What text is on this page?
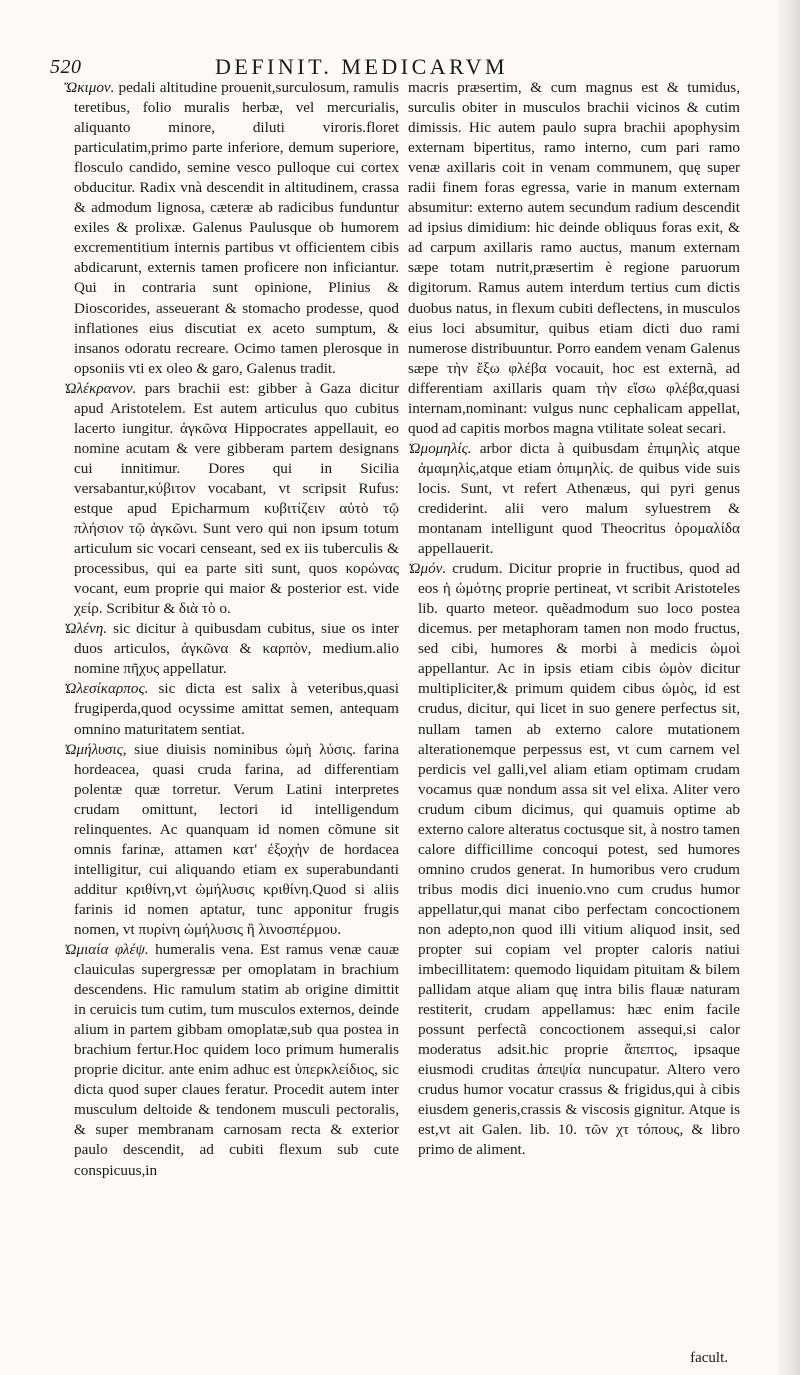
520	DEFINIT. MEDICARVM
Ὤκιμον. pedali altitudine prouenit,surculosum, ramulis teretibus, folio muralis herbæ, vel mercurialis, aliquanto minore, diluti viroris.floret particulatim,primo parte inferiore, demum superiore, flosculo candido, semine vesco pulloque cui cortex obducitur. Radix vnà descendit in altitudinem, crassa & admodum lignosa, cæteræ ab radicibus funduntur exiles & prolixæ. Galenus Paulusque ob humorem excrementitium internis partibus vt officientem cibis abdicarunt, externis tamen proficere non inficiantur. Qui in contraria sunt opinione, Plinius & Dioscorides, asseuerant & stomacho prodesse, quod inflationes eius discutiat ex aceto sumptum, & insanos odoratu recreare. Ocimo tamen plerosque in opsoniis vti ex oleo & garo, Galenus tradit.
Ὠλέκρανον. pars brachii est: gibber à Gaza dicitur apud Aristotelem. Est autem articulus quo cubitus lacerto iungitur. ἀγκῶνα Hippocrates appellauit, eo nomine acutam & vere gibberam partem designans cui innitimur. Dores qui in Sicilia versabantur,κύβιτον vocabant, vt scripsit Rufus: estque apud Epicharmum κυβιτίζειν αὐτὸ τῷ πλήσιον τῷ ἀγκῶνι. Sunt vero qui non ipsum totum articulum sic vocari censeant, sed ex iis tuberculis & processibus, qui ea parte siti sunt, quos κορώνας vocant, eum proprie qui maior & posterior est. vide χείρ. Scribitur & διὰ τὸ ο.
Ὠλένη. sic dicitur à quibusdam cubitus, siue os inter duos articulos, ἀγκῶνα & καρπὸν, medium.alio nomine πῆχυς appellatur.
Ὠλεσίκαρπος. sic dicta est salix à veteribus,quasi frugiperda,quod ocyssime amittat semen, antequam omnino maturitatem sentiat.
Ὠμήλυσις, siue diuisis nominibus ὠμὴ λύσις. farina hordeacea, quasi cruda farina, ad differentiam polentæ quæ torretur. Verum Latini interpretes crudam omittunt, lectori id intelligendum relinquentes. Ac quanquam id nomen cõmune sit omnis farinæ, attamen κατ' ἐξοχὴν de hordacea intelligitur, cui aliquando etiam ex superabundanti additur κριθίνη,vt ὠμήλυσις κριθίνη.Quod si aliis farinis id nomen aptatur, tunc apponitur frugis nomen, vt πυρίνη ὠμήλυσις ἢ λινοσπέρμου.
Ὠμιαία φλέψ. humeralis vena. Est ramus venæ cauæ clauiculas supergressæ per omoplatam in brachium descendens. Hic ramulum statim ab origine dimittit in ceruicis tum cutim, tum musculos externos, deinde alium in partem gibbam omoplatæ,sub qua postea in brachium fertur.Hoc quidem loco primum humeralis proprie dicitur. ante enim adhuc est ὑπερκλείδιος, sic dicta quod super claues feratur. Procedit autem inter musculum deltoide & tendonem musculi pectoralis, & super membranam carnosam recta & exterior paulo descendit, ad cubiti flexum sub cute conspicuus,in
macris præsertim, & cum magnus est & tumidus, surculis obiter in musculos brachii vicinos & cutim dimissis. Hic autem paulo supra brachii apophysim externam bipertitus, ramo interno, cum pari ramo venæ axillaris coit in venam communem, quę super radii finem foras egressa, varie in manum externam absumitur: externo autem secundum radium descendit ad ipsius dimidium: hic deinde obliquus foras exit, & ad carpum axillaris ramo auctus, manum externam sæpe totam nutrit,præsertim è regione paruorum digitorum. Ramus autem interdum tertius cum dictis duobus natus, in flexum cubiti deflectens, in musculos eius loci absumitur, quibus etiam dicti duo rami numerose distribuuntur. Porro eandem venam Galenus sæpe τὴν ἔξω φλέβα vocauit, hoc est externã, ad differentiam axillaris quam τὴν εἴσω φλέβα,quasi internam,nominant: vulgus nunc cephalicam appellat, quod ad capitis morbos magna vtilitate soleat secari.
Ὠμομηλίς. arbor dicta à quibusdam ἐπιμηλὶς atque ἀμαμηλὶς,atque etiam ὀπιμηλίς. de quibus vide suis locis. Sunt, vt refert Athenæus, qui pyri genus crediderint. alii vero malum syluestrem & montanam intelligunt quod Theocritus ὀρομαλίδα appellauerit.
Ὠμόν. crudum. Dicitur proprie in fructibus, quod ad eos ἡ ὠμότης proprie pertineat, vt scribit Aristoteles lib. quarto meteor. quẽadmodum suo loco postea dicemus. per metaphoram tamen non modo fructus, sed cibi, humores & morbi à medicis ὠμοὶ appellantur. Ac in ipsis etiam cibis ὠμὸν dicitur multipliciter,& primum quidem cibus ὠμὸς, id est crudus, dicitur, qui licet in suo genere perfectus sit, nullam tamen ab externo calore mutationem alterationemque perpessus est, vt cum carnem vel perdicis vel galli,vel aliam etiam optimam crudam vocamus quæ nondum assa sit vel elixa. Aliter vero crudum cibum dicimus, qui quamuis optime ab externo calore alteratus coctusque sit, à nostro tamen calore difficillime concoqui potest, sed humores omnino crudos generat. In humoribus vero crudum tribus modis dici inuenio.vno cum crudus humor appellatur,qui manat cibo perfectam concoctionem non adepto,non quod illi vitium aliquod insit, sed propter sui copiam vel propter caloris natiui imbecillitatem: quemodo liquidam pituitam & bilem pallidam atque aliam quę intra bilis flauæ naturam restiterit, crudam appellamus: hæc enim facile possunt perfectã concoctionem assequi,si calor moderatus adsit.hic proprie ἄπεπτος, ipsaque eiusmodi cruditas ἀπεψία nuncupatur. Altero vero crudus humor vocatur crassus & frigidus,qui à cibis eiusdem generis,crassis & viscosis gignitur. Atque is est,vt ait Galen. lib. 10. τῶν χτ τόπους, & libro primo de aliment.
facult.
